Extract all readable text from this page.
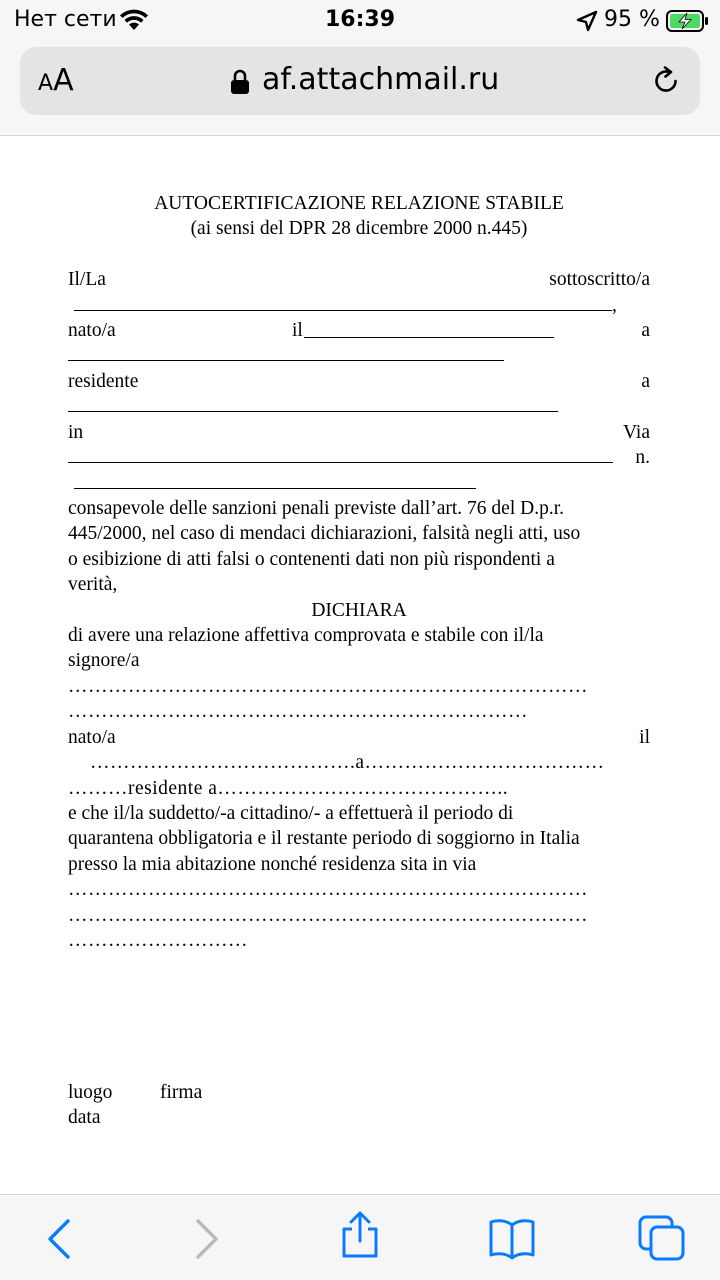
Нет сети	16:39	95 %
AA	af.attachmail.ru
AUTOCERTIFICAZIONE RELAZIONE STABILE
(ai sensi del DPR 28 dicembre 2000 n.445)
Il/La	sottoscritto/a
,
nato/a	il	a
residente	a
in	Via
n.
consapevole delle sanzioni penali previste dall’art. 76 del D.p.r.
445/2000, nel caso di mendaci dichiarazioni, falsità negli atti, uso
o esibizione di atti falsi o contenenti dati non più rispondenti a
verità,
DICHIARA
di avere una relazione affettiva comprovata e stabile con il/la
signore/a
……………………………………………………………………
……………………………………………………………
nato/a	il
………………………………….a………………………………
………residente a……………………………………..
e che il/la suddetto/-a cittadino/- a effettuerà il periodo di
quarantena obbligatoria e il restante periodo di soggiorno in Italia
presso la mia abitazione nonché residenza sita in via
……………………………………………………………………
……………………………………………………………………
………………………
luogo firma
data
